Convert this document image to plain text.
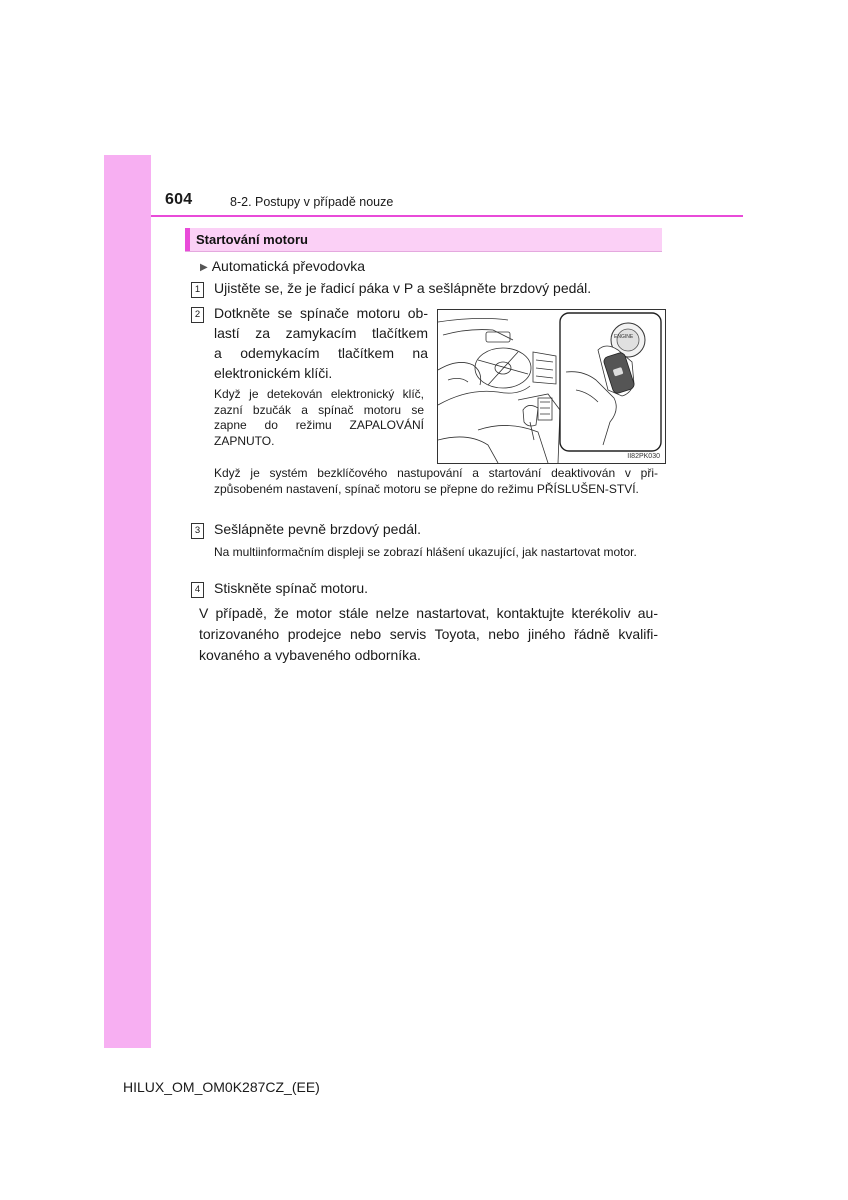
604	8-2. Postupy v případě nouze
Startování motoru
▶ Automatická převodovka
1 Ujistěte se, že je řadicí páka v P a sešlápněte brzdový pedál.
2 Dotkněte se spínače motoru ob-
lastí za zamykacím tlačítkem
a odemykacím tlačítkem na
elektronickém klíči.
Když je detekován elektronický klíč, zazní bzučák a spínač motoru se zapne do režimu ZAPALOVÁNÍ ZAPNUTO.
ENGINE
II82PK030
Když je systém bezklíčového nastupování a startování deaktivován v při-způsobeném nastavení, spínač motoru se přepne do režimu PŘÍSLUŠEN-STVÍ.
3 Sešlápněte pevně brzdový pedál.
Na multiinformačním displeji se zobrazí hlášení ukazující, jak nastartovat motor.
4 Stiskněte spínač motoru.
V případě, že motor stále nelze nastartovat, kontaktujte kterékoliv au-torizovaného prodejce nebo servis Toyota, nebo jiného řádně kvalifi-kovaného a vybaveného odborníka.
HILUX_OM_OM0K287CZ_(EE)
